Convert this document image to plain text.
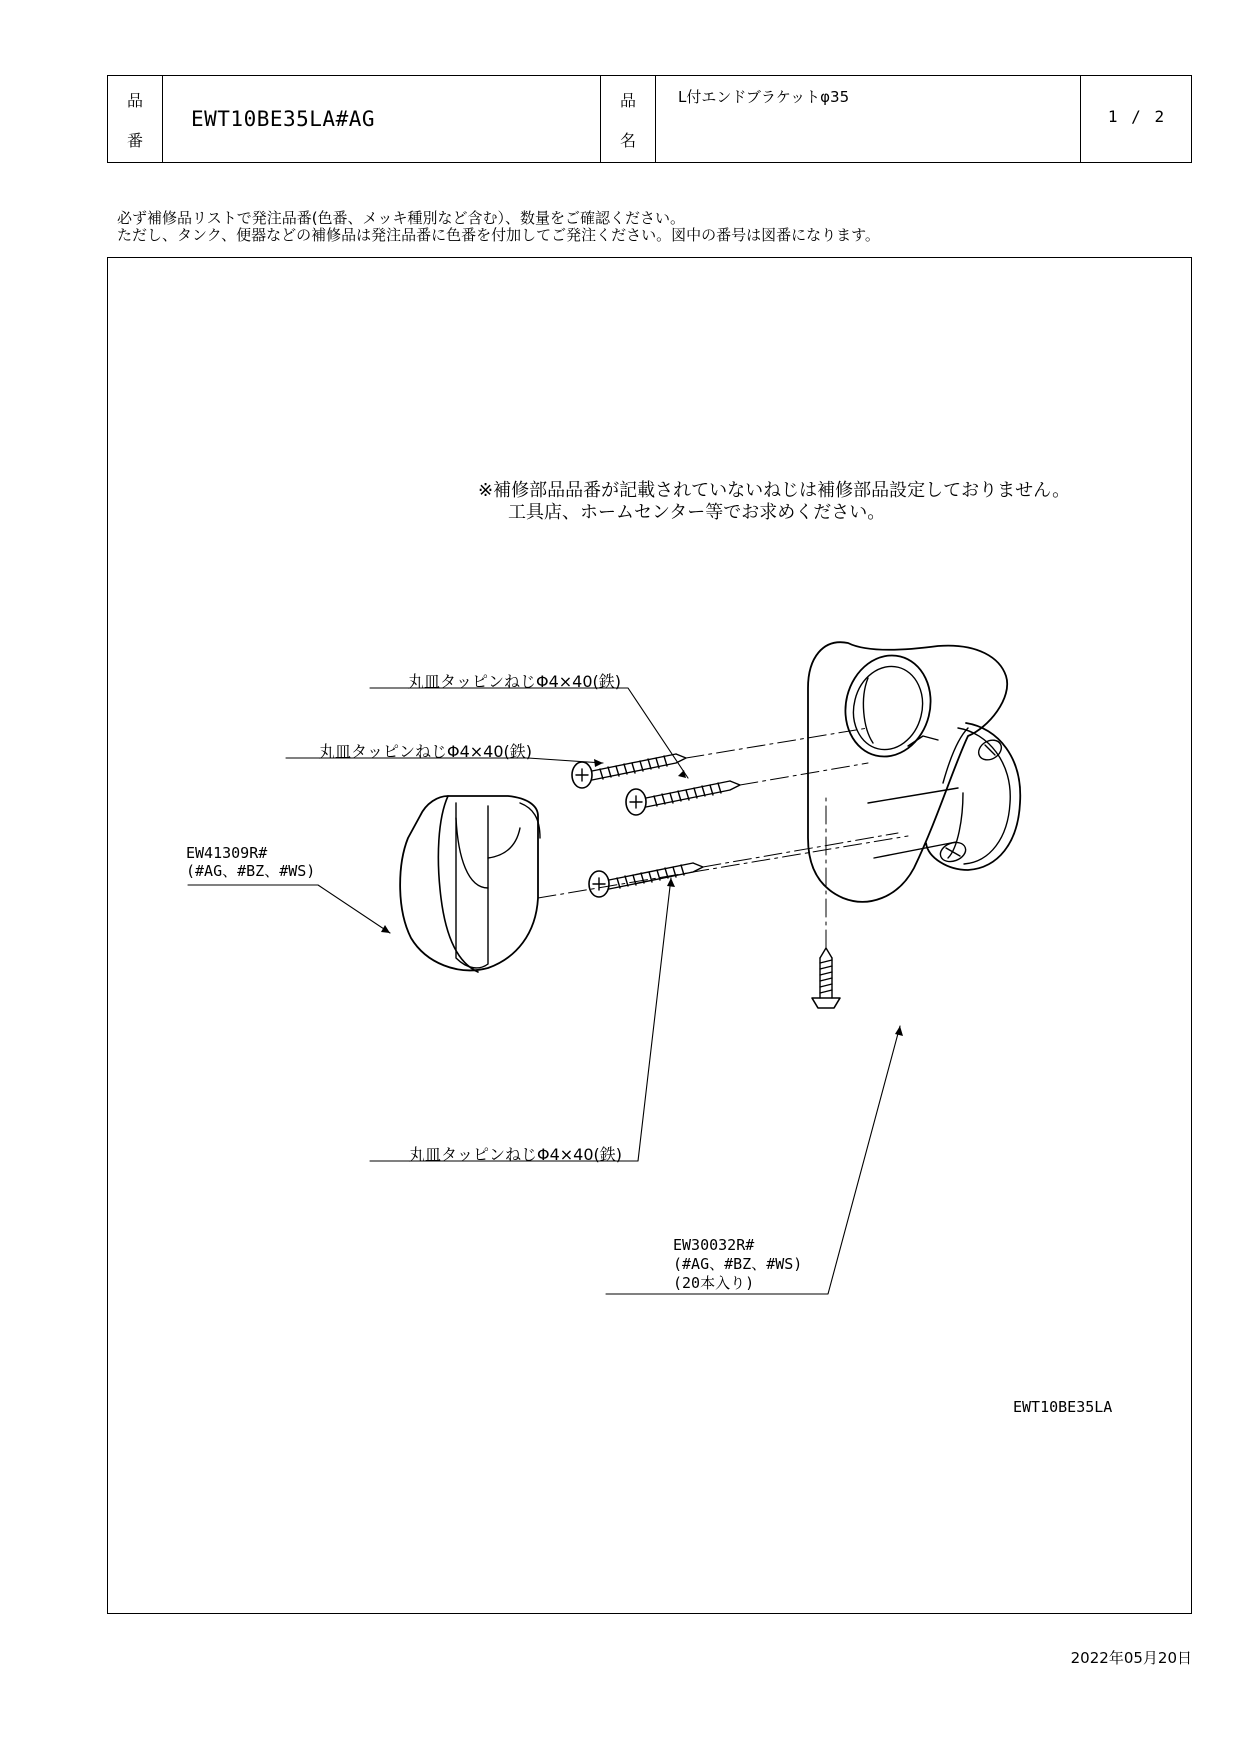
品
番
EWT10BE35LA#AG
品
名
L付エンドブラケットφ35
1 / 2
必ず補修品リストで発注品番(色番、メッキ種別など含む）、数量をご確認ください。
ただし、タンク、便器などの補修品は発注品番に色番を付加してご発注ください。図中の番号は図番になります。
※補修部品品番が記載されていないねじは補修部品設定しておりません。
工具店、ホームセンター等でお求めください。
丸皿タッピンねじΦ4×40(鉄)
丸皿タッピンねじΦ4×40(鉄)
丸皿タッピンねじΦ4×40(鉄)
EW41309R#
(#AG、#BZ、#WS)
EW30032R#
(#AG、#BZ、#WS)
(20本入り)
EWT10BE35LA
2022年05月20日
